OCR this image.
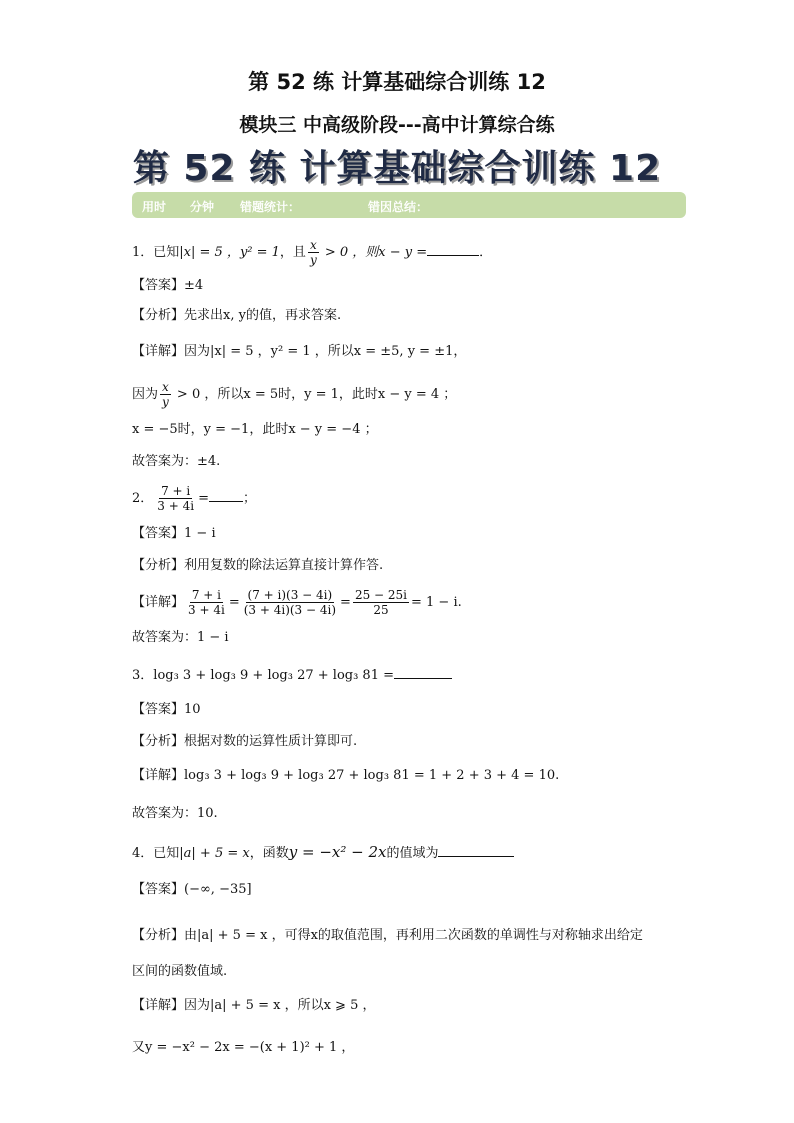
第 52 练 计算基础综合训练 12
模块三 中高级阶段---高中计算综合练
第 52 练 计算基础综合训练 12
用时 分钟 错题统计：	错因总结：
1．已知|x| = 5 ，y² = 1，且 $\frac{x}{y} > 0$ ，则x − y =	．
【答案】±4
【分析】先求出x, y的值，再求答案.
【详解】因为|x| = 5 ，y² = 1 ，所以x = ±5, y = ±1，
因为 $\frac{x}{y} > 0$ ，所以x = 5时，y = 1，此时x − y = 4 ；
x = −5时，y = −1，此时x − y = −4 ；
故答案为：±4.
2． $\frac{7 + i}{3 + 4i}$ =	；
【答案】1 − i
【分析】利用复数的除法运算直接计算作答.
【详解】 $\frac{7 + i}{3 + 4i} = \frac{(7 + i)(3 - 4i)}{(3 + 4i)(3 - 4i)} = \frac{25 - 25i}{25} = 1 - i$.
故答案为：1 − i
3．log₃ 3 + log₃ 9 + log₃ 27 + log₃ 81 =
【答案】10
【分析】根据对数的运算性质计算即可.
【详解】log₃ 3 + log₃ 9 + log₃ 27 + log₃ 81 = 1 + 2 + 3 + 4 = 10.
故答案为：10.
4．已知|a| + 5 = x，函数y = −x² − 2x的值域为
【答案】(−∞, −35]
【分析】由|a| + 5 = x ，可得x的取值范围，再利用二次函数的单调性与对称轴求出给定
区间的函数值域.
【详解】因为|a| + 5 = x ，所以x ⩾ 5 ，
又y = −x² − 2x = −(x + 1)² + 1 ，
